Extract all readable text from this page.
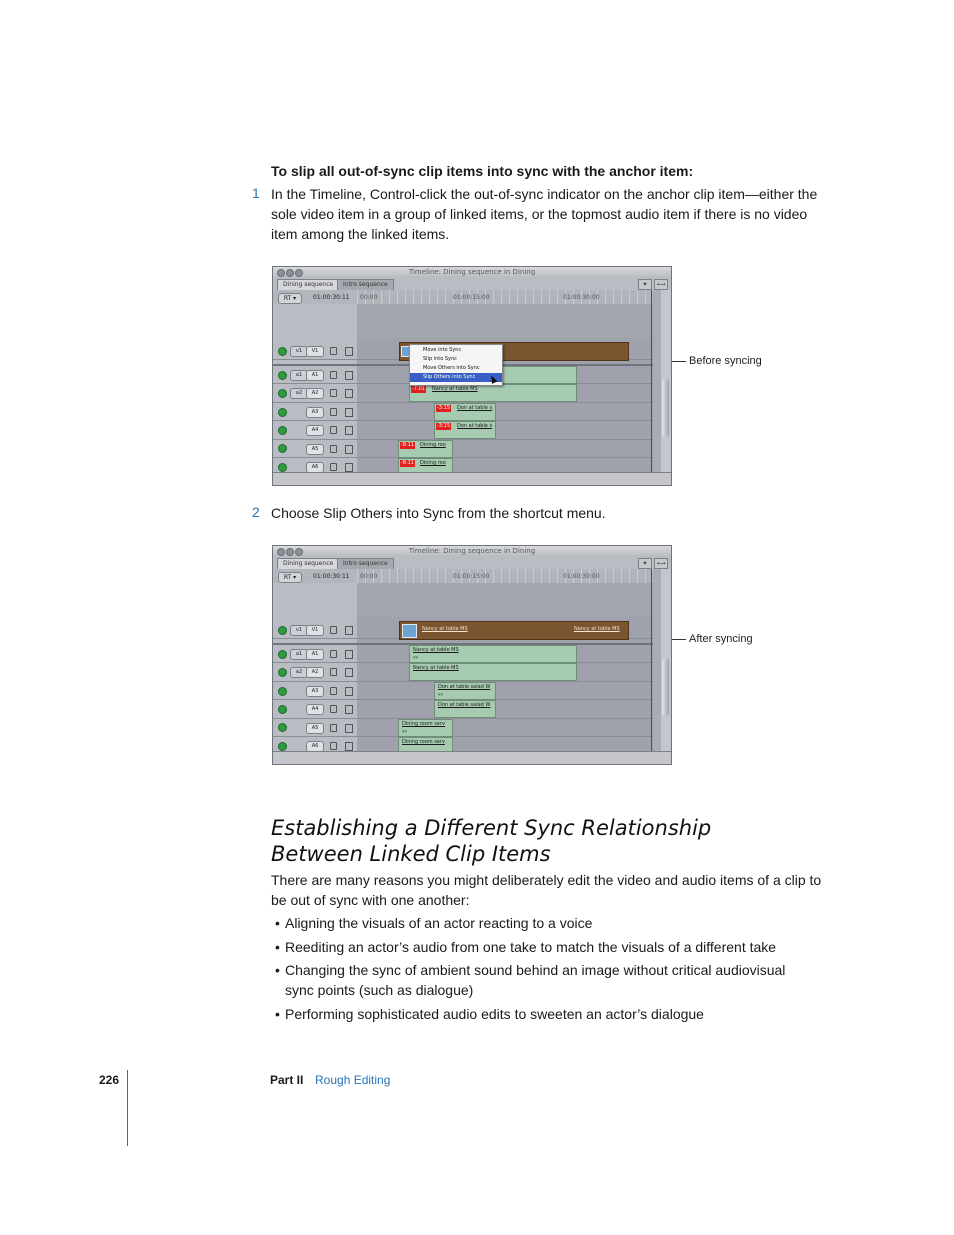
To slip all out-of-sync clip items into sync with the anchor item:
1 In the Timeline, Control-click the out-of-sync indicator on the anchor clip item—either the sole video item in a group of linked items, or the topmost audio item if there is no video item among the linked items.
Timeline: Dining sequence in Dining
Dining sequence	Intro sequence	✦	⟷
RT ▾	01:00:30:11 00:00	01:00:15:00	01:00:30:00
v1	V1
a1	A1
a2	A2
A3
A4
A5
A6
-7:01 Nancy at table MS
-3:15 Don at table s
-3:15 Don at table s
-8:11 Dining roo
-8:11 Dining roo
Move into Sync
Slip into Sync
Move Others into Sync
Slip Others into Sync
Before syncing
2 Choose Slip Others into Sync from the shortcut menu.
Timeline: Dining sequence in Dining
Dining sequence	Intro sequence	✦	⟷
RT ▾	01:00:30:11 00:00	01:00:15:00	01:00:30:00
v1	V1
a1	A1
a2	A2
A3
A4
A5
A6
Nancy at table MS	Nancy at table MS
Nancy at table MS
▾▾
Nancy at table MS
Don at table salad W
▾▾
Don at table salad W
Dining room serv
▾▾
Dining room serv
After syncing
Establishing a Different Sync Relationship
Between Linked Clip Items
There are many reasons you might deliberately edit the video and audio items of a clip to be out of sync with one another:
• Aligning the visuals of an actor reacting to a voice
• Reediting an actor’s audio from one take to match the visuals of a different take
• Changing the sync of ambient sound behind an image without critical audiovisual sync points (such as dialogue)
• Performing sophisticated audio edits to sweeten an actor’s dialogue
226	Part II Rough Editing
